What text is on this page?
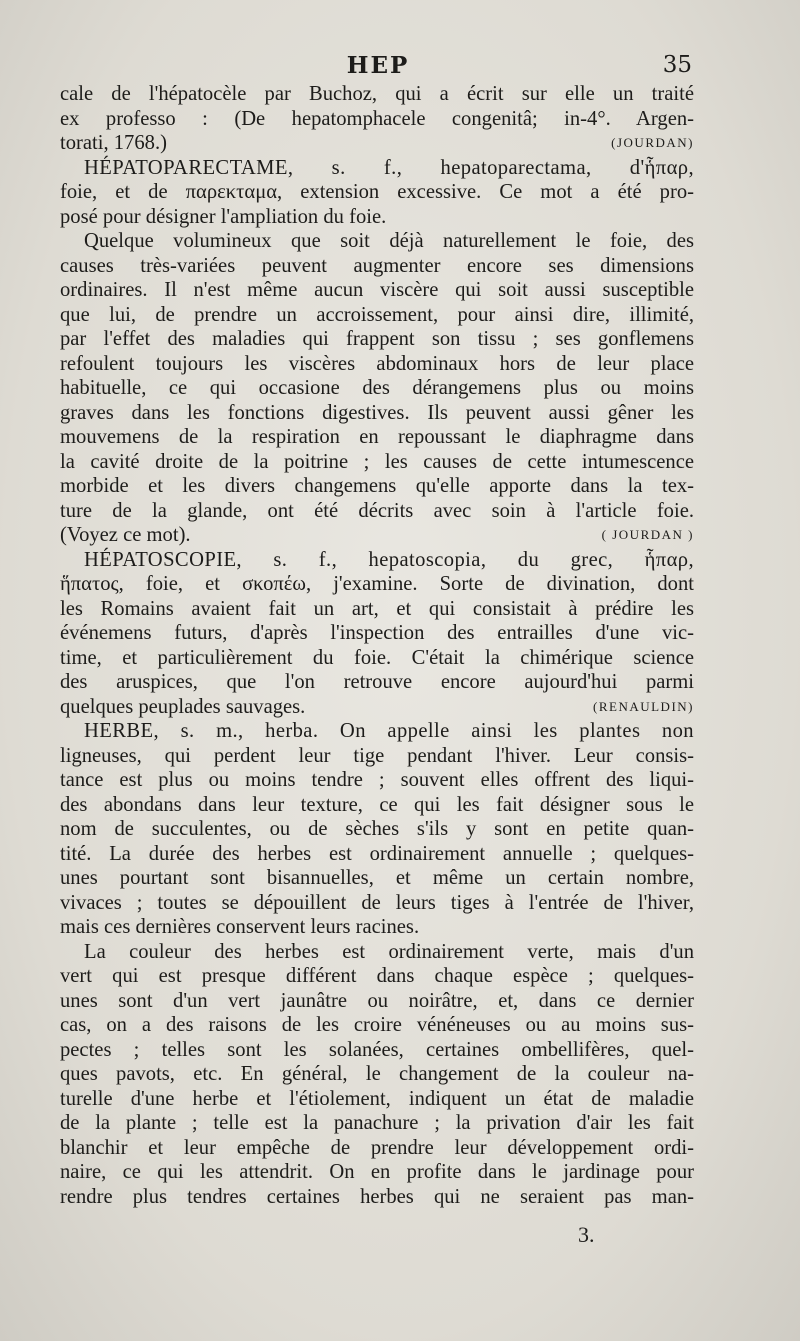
HEP	35
cale de l'hépatocèle par Buchoz, qui a écrit sur elle un traité
ex professo : (De hepatomphacele congenitâ; in-4°. Argen-
torati, 1768.)	(JOURDAN)
HÉPATOPARECTAME, s. f., hepatoparectama, d'ἧπαρ,
foie, et de παρεκταμα, extension excessive. Ce mot a été pro-
posé pour désigner l'ampliation du foie.
Quelque volumineux que soit déjà naturellement le foie, des
causes très-variées peuvent augmenter encore ses dimensions
ordinaires. Il n'est même aucun viscère qui soit aussi susceptible
que lui, de prendre un accroissement, pour ainsi dire, illimité,
par l'effet des maladies qui frappent son tissu ; ses gonflemens
refoulent toujours les viscères abdominaux hors de leur place
habituelle, ce qui occasione des dérangemens plus ou moins
graves dans les fonctions digestives. Ils peuvent aussi gêner les
mouvemens de la respiration en repoussant le diaphragme dans
la cavité droite de la poitrine ; les causes de cette intumescence
morbide et les divers changemens qu'elle apporte dans la tex-
ture de la glande, ont été décrits avec soin à l'article foie.
(Voyez ce mot).	( JOURDAN )
HÉPATOSCOPIE, s. f., hepatoscopia, du grec, ἧπαρ,
ἥπατος, foie, et σκοπέω, j'examine. Sorte de divination, dont
les Romains avaient fait un art, et qui consistait à prédire les
événemens futurs, d'après l'inspection des entrailles d'une vic-
time, et particulièrement du foie. C'était la chimérique science
des aruspices, que l'on retrouve encore aujourd'hui parmi
quelques peuplades sauvages.	(RENAULDIN)
HERBE, s. m., herba. On appelle ainsi les plantes non
ligneuses, qui perdent leur tige pendant l'hiver. Leur consis-
tance est plus ou moins tendre ; souvent elles offrent des liqui-
des abondans dans leur texture, ce qui les fait désigner sous le
nom de succulentes, ou de sèches s'ils y sont en petite quan-
tité. La durée des herbes est ordinairement annuelle ; quelques-
unes pourtant sont bisannuelles, et même un certain nombre,
vivaces ; toutes se dépouillent de leurs tiges à l'entrée de l'hiver,
mais ces dernières conservent leurs racines.
La couleur des herbes est ordinairement verte, mais d'un
vert qui est presque différent dans chaque espèce ; quelques-
unes sont d'un vert jaunâtre ou noirâtre, et, dans ce dernier
cas, on a des raisons de les croire vénéneuses ou au moins sus-
pectes ; telles sont les solanées, certaines ombellifères, quel-
ques pavots, etc. En général, le changement de la couleur na-
turelle d'une herbe et l'étiolement, indiquent un état de maladie
de la plante ; telle est la panachure ; la privation d'air les fait
blanchir et leur empêche de prendre leur développement ordi-
naire, ce qui les attendrit. On en profite dans le jardinage pour
rendre plus tendres certaines herbes qui ne seraient pas man-
3.
